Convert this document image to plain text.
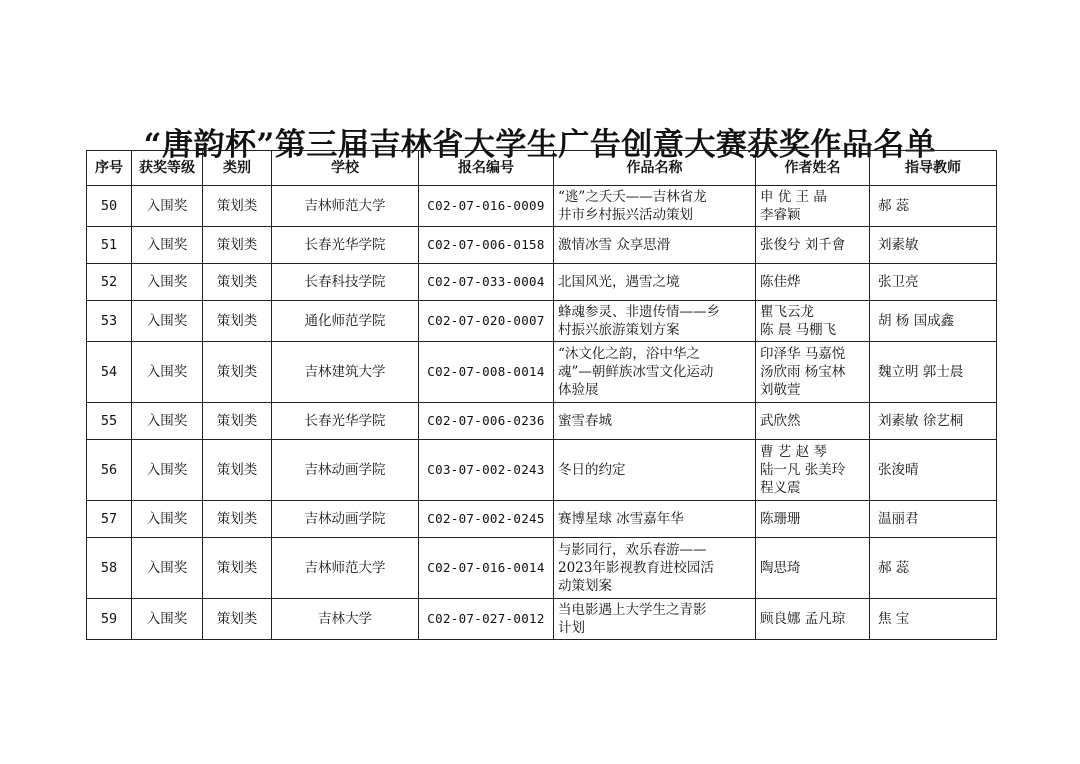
“唐韵杯”第三届吉林省大学生广告创意大赛获奖作品名单
序号	获奖等级	类别	学校	报名编号	作品名称	作者姓名	指导教师
50	入围奖	策划类	吉林师范大学	C02-07-016-0009	“逃”之夭夭——吉林省龙
井市乡村振兴活动策划	申 优 王 晶
李睿颖	郝 蕊
51	入围奖	策划类	长春光华学院	C02-07-006-0158	激情冰雪 众享思滑	张俊兮 刘千會	刘素敏
52	入围奖	策划类	长春科技学院	C02-07-033-0004	北国风光，遇雪之境	陈佳烨	张卫亮
53	入围奖	策划类	通化师范学院	C02-07-020-0007	蜂魂参灵、非遗传情——乡
村振兴旅游策划方案	瞿飞云龙
陈 晨 马棚飞	胡 杨 国成鑫
54	入围奖	策划类	吉林建筑大学	C02-07-008-0014	“沐文化之韵，浴中华之
魂”—朝鲜族冰雪文化运动
体验展	印泽华 马嘉悦
汤欣雨 杨宝林
刘敬萱	魏立明 郭士晨
55	入围奖	策划类	长春光华学院	C02-07-006-0236	蜜雪春城	武欣然	刘素敏 徐艺桐
56	入围奖	策划类	吉林动画学院	C03-07-002-0243	冬日的约定	曹 艺 赵 琴
陆一凡 张美玲
程义震	张浚晴
57	入围奖	策划类	吉林动画学院	C02-07-002-0245	赛博星球 冰雪嘉年华	陈珊珊	温丽君
58	入围奖	策划类	吉林师范大学	C02-07-016-0014	与影同行，欢乐春游——
2023年影视教育进校园活
动策划案	陶思琦	郝 蕊
59	入围奖	策划类	吉林大学	C02-07-027-0012	当电影遇上大学生之青影
计划	顾良娜 孟凡琼	焦 宝
